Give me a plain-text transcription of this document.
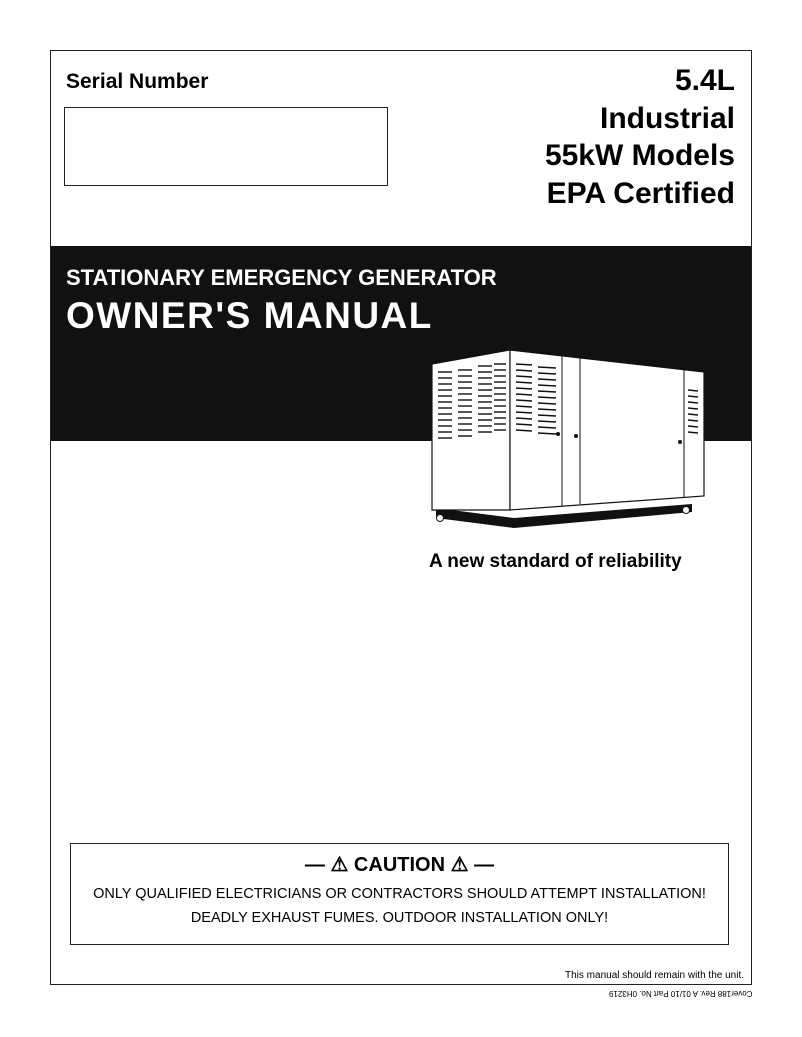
Serial Number	5.4L
Industrial
55kW Models
EPA Certified
STATIONARY EMERGENCY GENERATOR
OWNER'S MANUAL
A new standard of reliability
— ⚠ CAUTION ⚠ —
ONLY QUALIFIED ELECTRICIANS OR CONTRACTORS SHOULD ATTEMPT INSTALLATION!
DEADLY EXHAUST FUMES. OUTDOOR INSTALLATION ONLY!
This manual should remain with the unit.
Cover188 Rev. A 01/10 Part No. 0H3219
